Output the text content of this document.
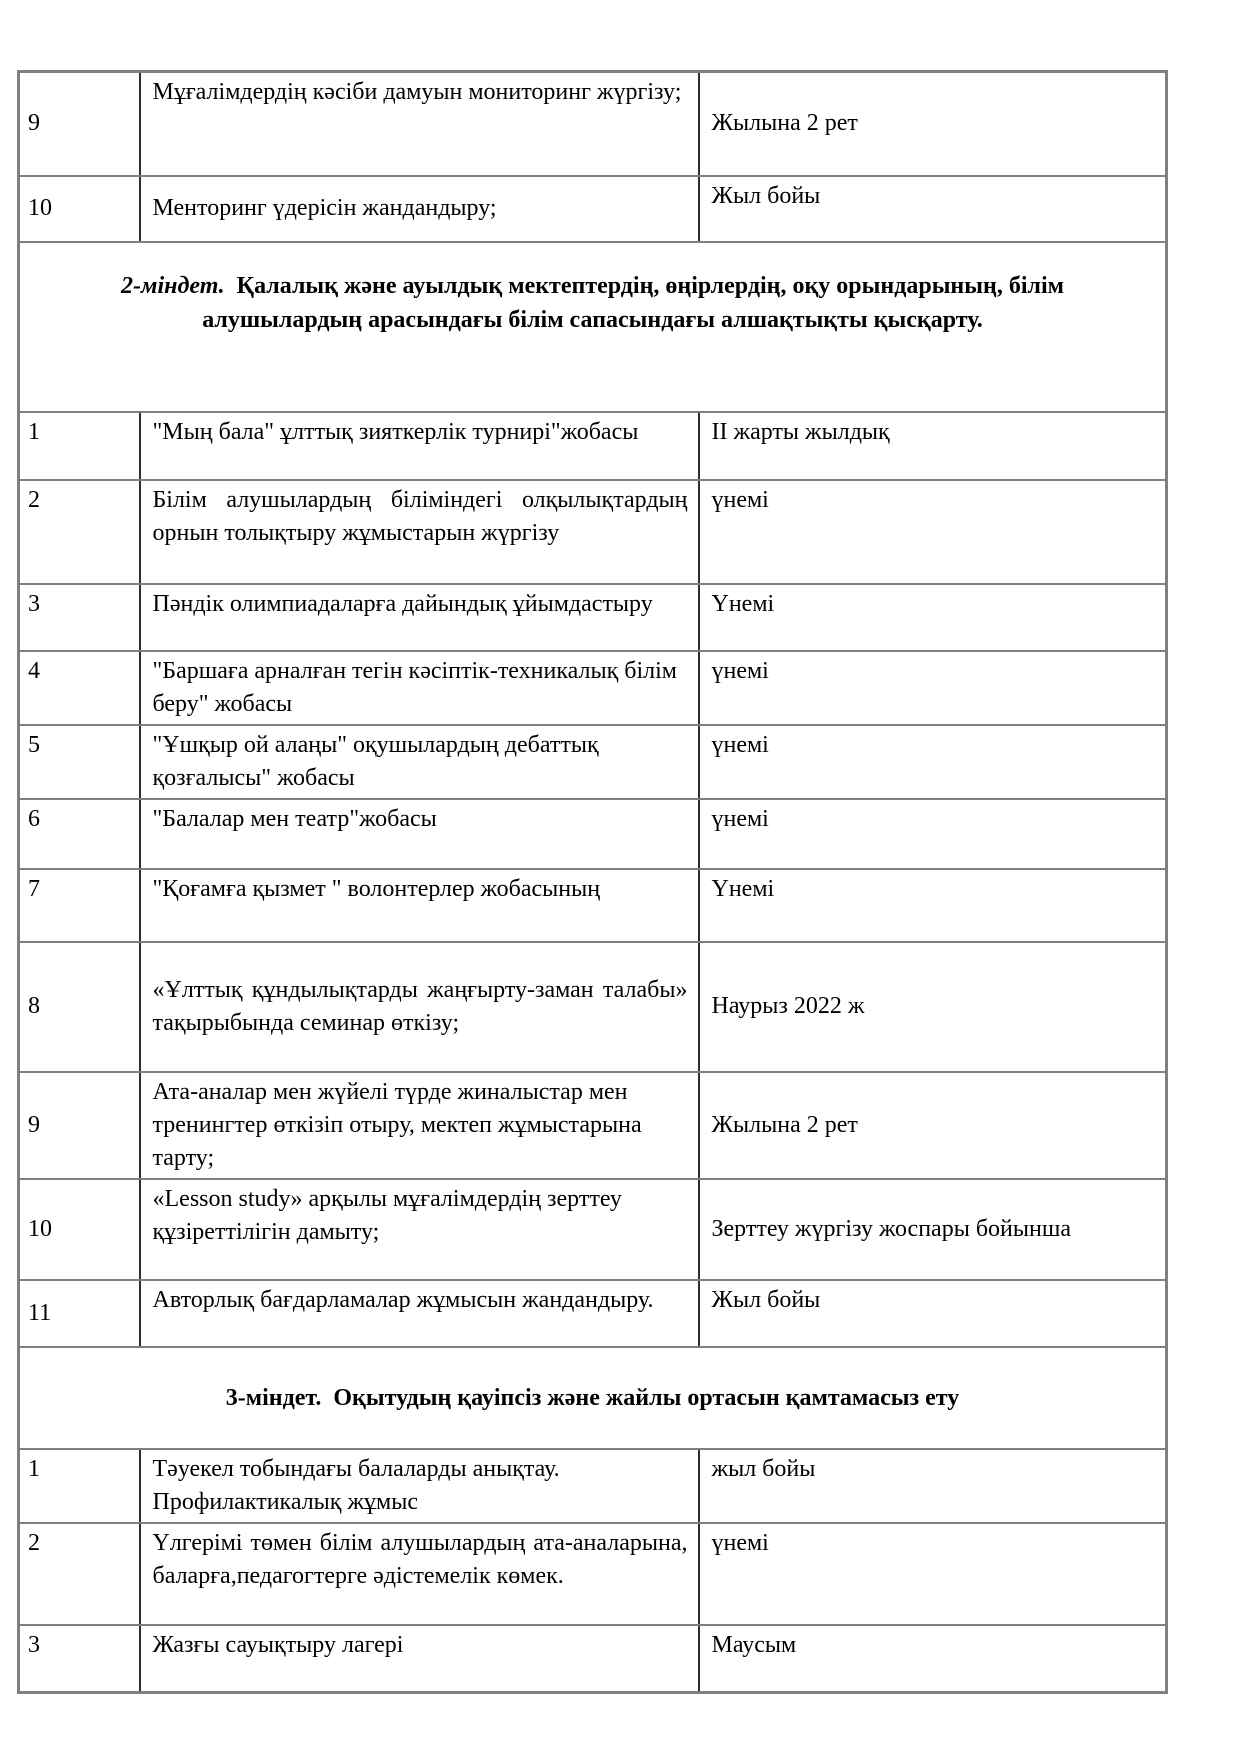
9	Мұғалімдердің кәсіби дамуын мониторинг жүргізу;	Жылына 2 рет
10	Менторинг үдерісін жандандыру;	Жыл бойы
2-міндет. Қалалық және ауылдық мектептердің, өңірлердің, оқу орындарының, білім алушылардың арасындағы білім сапасындағы алшақтықты қысқарту.		
1	"Мың бала" ұлттық зияткерлік турнирі"жобасы	II жарты жылдық
2	Білім алушылардың біліміндегі олқылықтардың орнын толықтыру жұмыстарын жүргізу	үнемі
3	Пәндік олимпиадаларға дайындық ұйымдастыру	Үнемі
4	"Баршаға арналған тегін кәсіптік-техникалық білім беру" жобасы	үнемі
5	"Ұшқыр ой алаңы" оқушылардың дебаттық қозғалысы" жобасы	үнемі
6	"Балалар мен театр"жобасы	үнемі
7	"Қоғамға қызмет " волонтерлер жобасының	Үнемі
8	«Ұлттық құндылықтарды жаңғырту-заман талабы» тақырыбында семинар өткізу;	Наурыз 2022 ж
9	Ата-аналар мен жүйелі түрде жиналыстар мен тренингтер өткізіп отыру, мектеп жұмыстарына тарту;	Жылына 2 рет
10	«Lesson study» арқылы мұғалімдердің зерттеу құзіреттілігін дамыту;	Зерттеу жүргізу жоспары бойынша
11	Авторлық бағдарламалар жұмысын жандандыру.	Жыл бойы
3-міндет. Оқытудың қауіпсіз және жайлы ортасын қамтамасыз ету		
1	Тәуекел тобындағы балаларды анықтау. Профилактикалық жұмыс	жыл бойы
2	Үлгерімі төмен білім алушылардың ата-аналарына, баларға,педагогтерге әдістемелік көмек.	үнемі
3	Жазғы сауықтыру лагері	Маусым
